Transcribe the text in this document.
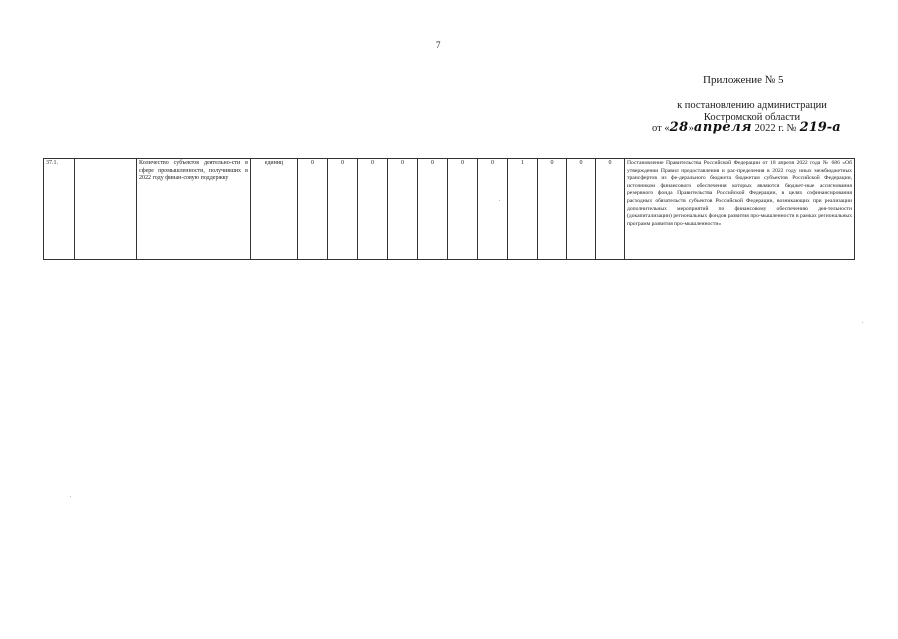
7
Приложение № 5
к постановлению администрации
Костромской области
от «28»апреля 2022 г. № 219-а
37.1.		Количество субъектов деятельно-сти в сфере промышленности, получивших в 2022 году финан-совую поддержку	единиц	0	0	0	0	0	0	0	1	0	0	0	Постановление Правительства Российской Федерации от 18 апреля 2022 года № 686 «Об утверждении Правил предоставления и рас-пределения в 2022 году иных межбюджетных трансфертов из фе-дерального бюджета бюджетам субъектов Российской Федерации, источником финансового обеспечения которых являются бюджет-ные ассигнования резервного фонда Правительства Российской Федерации, в целях софинансирования расходных обязательств субъектов Российской Федерации, возникающих при реализации дополнительных мероприятий по финансовому обеспечению дея-тельности (докапитализации) региональных фондов развития про-мышленности в рамках региональных программ развития про-мышленности»
